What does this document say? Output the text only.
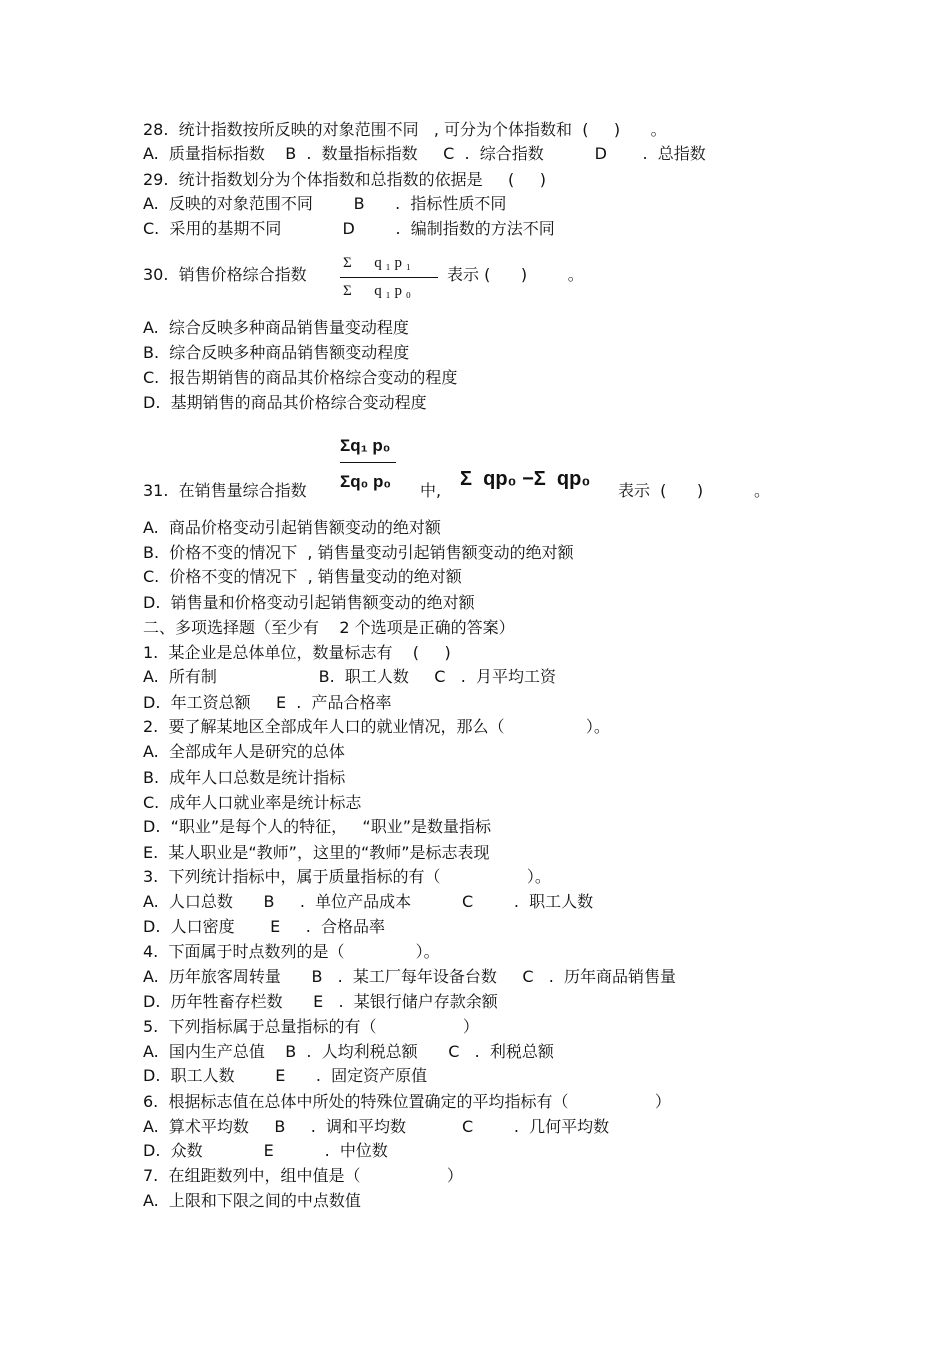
28.  统计指数按所反映的对象范围不同   , 可分为个体指数和  (     )      。
A.  质量指标指数    B  .  数量指标指数     C  .  综合指数          D       .  总指数
29.  统计指数划分为个体指数和总指数的依据是     (     )
A.  反映的对象范围不同        B      .  指标性质不同
C.  采用的基期不同            D        .  编制指数的方法不同
30.  销售价格综合指数
Σ      q ₁ p ₁
Σ      q ₁ p ₀
表示 (      )        。
A.  综合反映多种商品销售量变动程度
B.  综合反映多种商品销售额变动程度
C.  报告期销售的商品其价格综合变动的程度
D.  基期销售的商品其价格综合变动程度
Σq₁ p₀
Σq₀ p₀
31.  在销售量综合指数	中,
Σ  qp₀ −Σ  qp₀
表示  (      )          。
A.  商品价格变动引起销售额变动的绝对额
B.  价格不变的情况下  , 销售量变动引起销售额变动的绝对额
C.  价格不变的情况下  , 销售量变动的绝对额
D.  销售量和价格变动引起销售额变动的绝对额
二、多项选择题（至少有    2 个选项是正确的答案）
1.  某企业是总体单位，数量标志有    (     )
A.  所有制                    B.  职工人数     C   .  月平均工资
D.  年工资总额     E  .  产品合格率
2.  要了解某地区全部成年人口的就业情况，那么（                ）。
A.  全部成年人是研究的总体
B.  成年人口总数是统计指标
C.  成年人口就业率是统计标志
D.  “职业”是每个人的特征，   “职业”是数量指标
E.  某人职业是“教师”，这里的“教师”是标志表现
3.  下列统计指标中，属于质量指标的有（                 ）。
A.  人口总数      B     .  单位产品成本          C        .  职工人数
D.  人口密度       E     .  合格品率
4.  下面属于时点数列的是（              ）。
A.  历年旅客周转量      B   .  某工厂每年设备台数     C   .  历年商品销售量
D.  历年牲畜存栏数      E   .  某银行储户存款余额
5.  下列指标属于总量指标的有（                 ）
A.  国内生产总值    B  .  人均利税总额      C   .  利税总额
D.  职工人数        E      .  固定资产原值
6.  根据标志值在总体中所处的特殊位置确定的平均指标有（                 ）
A.  算术平均数     B     .  调和平均数           C        .  几何平均数
D.  众数            E          .  中位数
7.  在组距数列中，组中值是（                 ）
A.  上限和下限之间的中点数值
